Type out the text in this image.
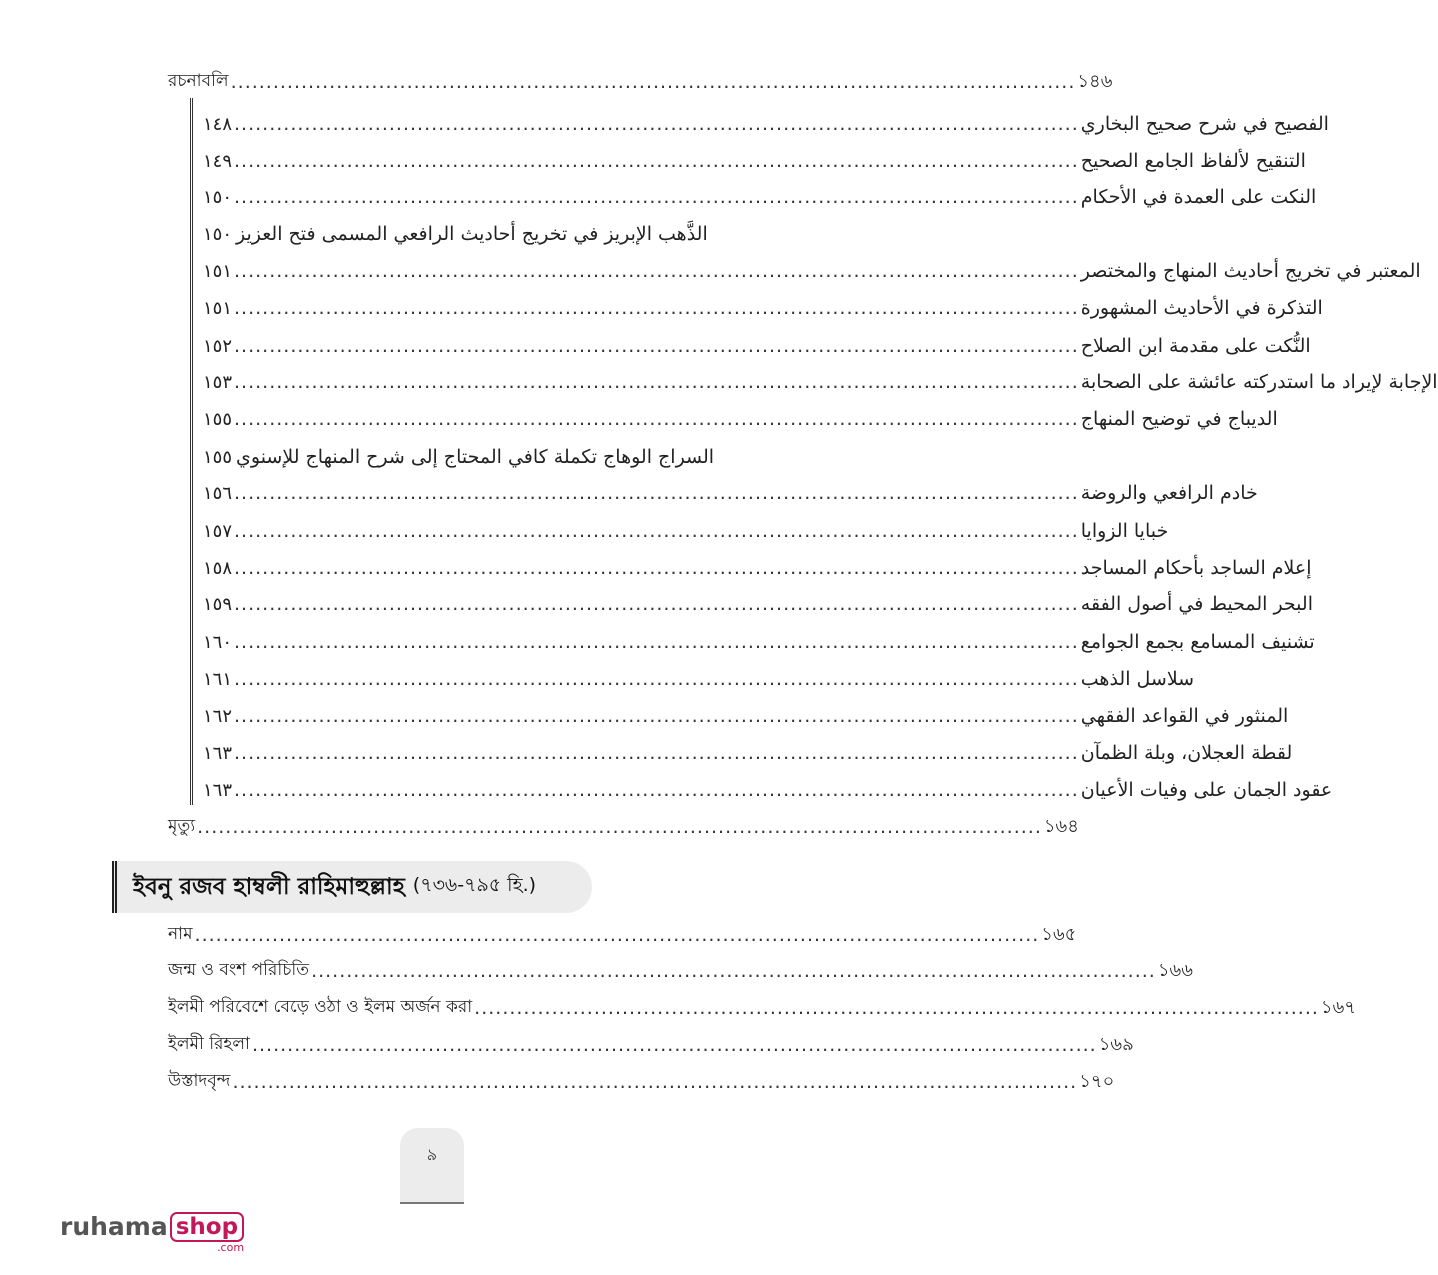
রচনাবলি ........................................................................................................................ ১৪৬
الفصيح في شرح صحيح البخاري
........................................................................................................................
١٤٨
التنقيح لألفاظ الجامع الصحيح
........................................................................................................................
١٤٩
النكت على العمدة في الأحكام
........................................................................................................................
١٥٠
الذَّهب الإبريز في تخريج أحاديث الرافعي المسمى فتح العزيز
١٥٠
المعتبر في تخريج أحاديث المنهاج والمختصر
........................................................................................................................
١٥١
التذكرة في الأحاديث المشهورة
........................................................................................................................
١٥١
النُّكت على مقدمة ابن الصلاح
........................................................................................................................
١٥٢
الإجابة لإيراد ما استدركته عائشة على الصحابة
........................................................................................................................
١٥٣
الديباج في توضيح المنهاج
........................................................................................................................
١٥٥
السراج الوهاج تكملة كافي المحتاج إلى شرح المنهاج للإسنوي
١٥٥
خادم الرافعي والروضة
........................................................................................................................
١٥٦
خبايا الزوايا
........................................................................................................................
١٥٧
إعلام الساجد بأحكام المساجد
........................................................................................................................
١٥٨
البحر المحيط في أصول الفقه
........................................................................................................................
١٥٩
تشنيف المسامع بجمع الجوامع
........................................................................................................................
١٦٠
سلاسل الذهب
........................................................................................................................
١٦١
المنثور في القواعد الفقهي
........................................................................................................................
١٦٢
لقطة العجلان، وبلة الظمآن
........................................................................................................................
١٦٣
عقود الجمان على وفيات الأعيان
........................................................................................................................
١٦٣
মৃত্যু ........................................................................................................................ ১৬৪
ইবনু রজব হাম্বলী রাহিমাহুল্লাহ (৭৩৬-৭৯৫ হি.)
নাম ........................................................................................................................ ১৬৫
জন্ম ও বংশ পরিচিতি ........................................................................................................................ ১৬৬
ইলমী পরিবেশে বেড়ে ওঠা ও ইলম অর্জন করা ........................................................................................................................ ১৬৭
ইলমী রিহলা ........................................................................................................................ ১৬৯
উস্তাদবৃন্দ ........................................................................................................................ ১৭০
৯
ruhama shop
.com
